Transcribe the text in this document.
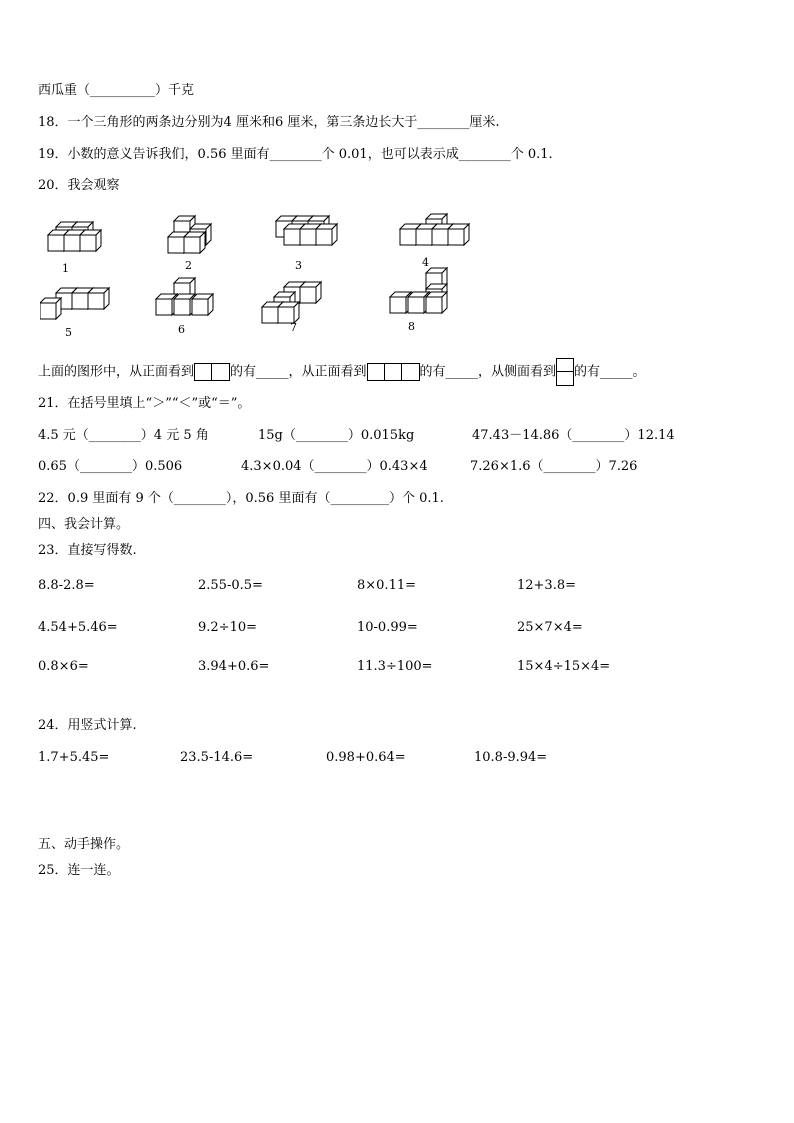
西瓜重（__________）千克
18．一个三角形的两条边分别为4 厘米和6 厘米，第三条边长大于________厘米.
19．小数的意义告诉我们，0.56 里面有________个 0.01，也可以表示成________个 0.1.
20．我会观察
1	2	3	4
5	6	7	8
上面的图形中，从正面看到	的有_____，从正面看到	的有_____，从侧面看到 的有_____。
21．在括号里填上“＞”“＜”或“＝”。
4.5 元（________）4 元 5 角	15g（________）0.015kg	47.43－14.86（________）12.14
0.65（________）0.506	4.3×0.04（________）0.43×4	7.26×1.6（________）7.26
22．0.9 里面有 9 个（________），0.56 里面有（_________）个 0.1.
四、我会计算。
23．直接写得数.
8.8-2.8=	2.55-0.5=	8×0.11=	12+3.8=
4.54+5.46=	9.2÷10=	10-0.99=	25×7×4=
0.8×6=	3.94+0.6=	11.3÷100=	15×4÷15×4=
24．用竖式计算.
1.7+5.45=	23.5-14.6=	0.98+0.64=	10.8-9.94=
五、动手操作。
25．连一连。
